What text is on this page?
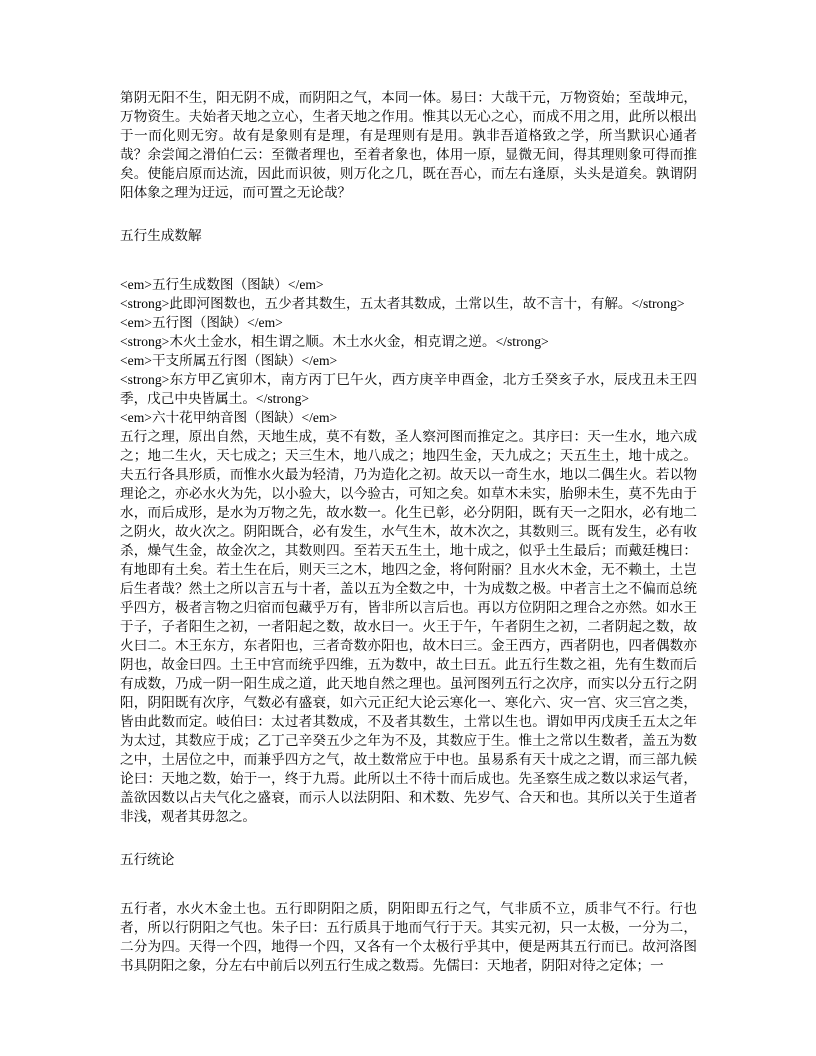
第阴无阳不生，阳无阴不成，而阴阳之气，本同一体。易曰：大哉干元，万物资始；至哉坤元，万物资生。夫始者天地之立心，生者天地之作用。惟其以无心之心，而成不用之用，此所以根出于一而化则无穷。故有是象则有是理，有是理则有是用。孰非吾道格致之学，所当默识心通者哉？余尝闻之滑伯仁云：至微者理也，至着者象也，体用一原，显微无间，得其理则象可得而推矣。使能启原而达流，因此而识彼，则万化之几，既在吾心，而左右逢原，头头是道矣。孰谓阴阳体象之理为迂远，而可置之无论哉？

五行生成数解

<em>五行生成数图（图缺）</em>

<strong>此即河图数也，五少者其数生，五太者其数成，土常以生，故不言十，有解。</strong>

<em>五行图（图缺）</em>

<strong>木火土金水，相生谓之顺。木土水火金，相克谓之逆。</strong>

<em>干支所属五行图（图缺）</em>

<strong>东方甲乙寅卯木，南方丙丁巳午火，西方庚辛申酉金，北方壬癸亥子水，辰戌丑未王四季，戊己中央皆属土。</strong>

<em>六十花甲纳音图（图缺）</em>

五行之理，原出自然，天地生成，莫不有数，圣人察河图而推定之。其序曰：天一生水，地六成之；地二生火，天七成之；天三生木，地八成之；地四生金，天九成之；天五生土，地十成之。夫五行各具形质，而惟水火最为轻清，乃为造化之初。故天以一奇生水，地以二偶生火。若以物理论之，亦必水火为先，以小验大，以今验古，可知之矣。如草木未实，胎卵未生，莫不先由于水，而后成形，是水为万物之先，故水数一。化生已彰，必分阴阳，既有天一之阳水，必有地二之阴火，故火次之。阴阳既合，必有发生，水气生木，故木次之，其数则三。既有发生，必有收杀，燥气生金，故金次之，其数则四。至若天五生土，地十成之，似乎土生最后；而戴廷槐曰：有地即有土矣。若土生在后，则天三之木，地四之金，将何附丽？且水火木金，无不赖土，土岂后生者哉？然土之所以言五与十者，盖以五为全数之中，十为成数之极。中者言土之不偏而总统乎四方，极者言物之归宿而包藏乎万有，皆非所以言后也。再以方位阴阳之理合之亦然。如水王于子，子者阳生之初，一者阳起之数，故水曰一。火王于午，午者阴生之初，二者阴起之数，故火曰二。木王东方，东者阳也，三者奇数亦阳也，故木曰三。金王西方，西者阴也，四者偶数亦阴也，故金曰四。土王中宫而统乎四维，五为数中，故土曰五。此五行生数之祖，先有生数而后有成数，乃成一阴一阳生成之道，此天地自然之理也。虽河图列五行之次序，而实以分五行之阴阳，阴阳既有次序，气数必有盛衰，如六元正纪大论云寒化一、寒化六、灾一宫、灾三宫之类，皆由此数而定。岐伯曰：太过者其数成，不及者其数生，土常以生也。谓如甲丙戊庚壬五太之年为太过，其数应于成；乙丁己辛癸五少之年为不及，其数应于生。惟土之常以生数者，盖五为数之中，土居位之中，而兼乎四方之气，故土数常应于中也。虽易系有天十成之之谓，而三部九候论曰：天地之数，始于一，终于九焉。此所以土不待十而后成也。先圣察生成之数以求运气者，盖欲因数以占夫气化之盛衰，而示人以法阴阳、和术数、先岁气、合天和也。其所以关于生道者非浅，观者其毋忽之。

五行统论

五行者，水火木金土也。五行即阴阳之质，阴阳即五行之气，气非质不立，质非气不行。行也者，所以行阴阳之气也。朱子曰：五行质具于地而气行于天。其实元初，只一太极，一分为二，二分为四。天得一个四，地得一个四，又各有一个太极行乎其中，便是两其五行而已。故河洛图书具阴阳之象，分左右中前后以列五行生成之数焉。先儒曰：天地者，阴阳对待之定体；一
